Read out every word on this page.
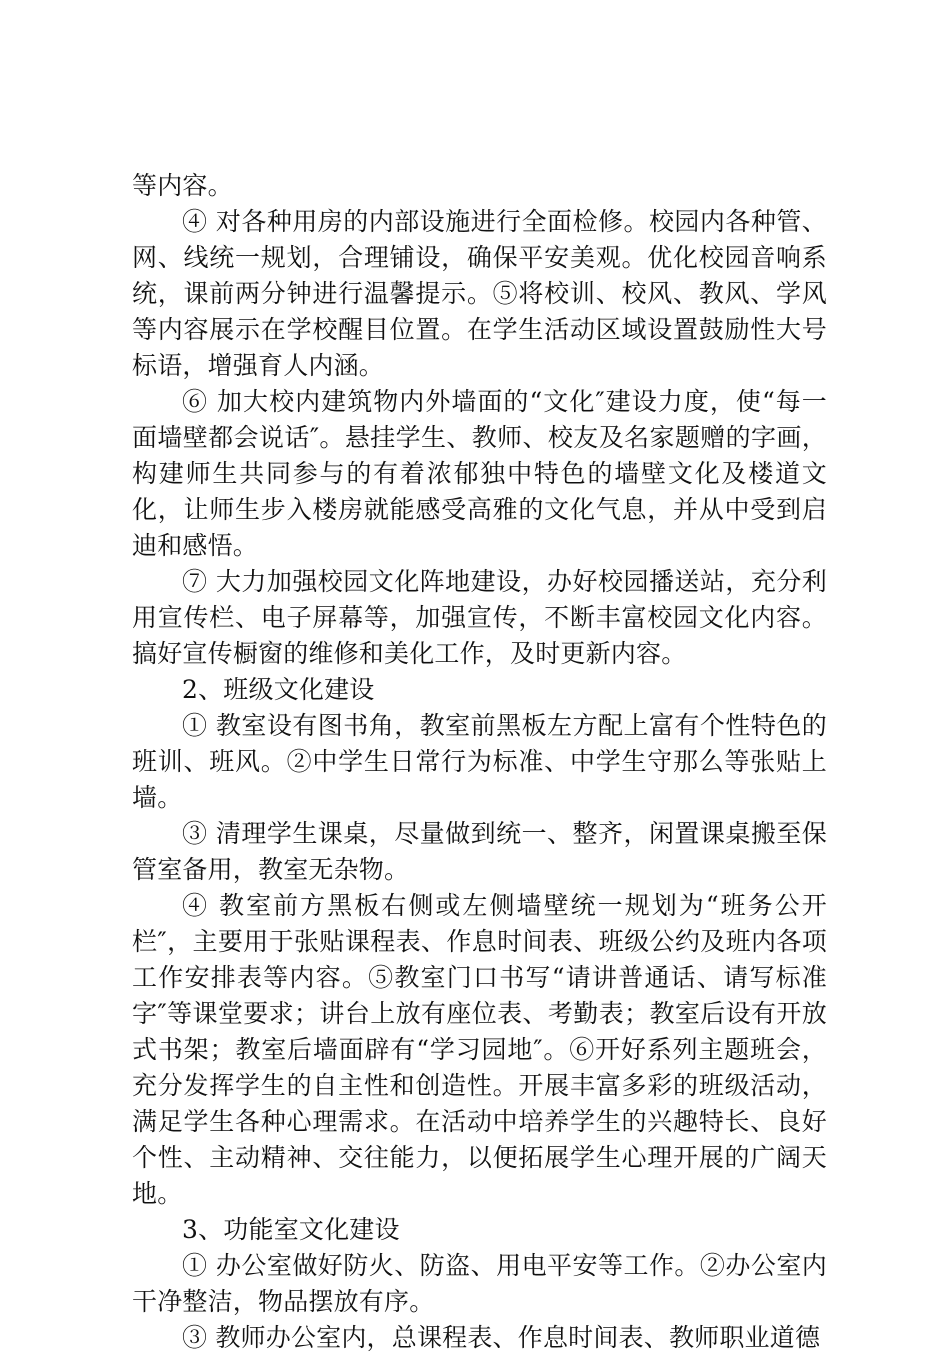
等内容。

④ 对各种用房的内部设施进行全面检修。校园内各种管、网、线统一规划，合理铺设，确保平安美观。优化校园音响系统，课前两分钟进行温馨提示。⑤将校训、校风、教风、学风等内容展示在学校醒目位置。在学生活动区域设置鼓励性大号标语，增强育人内涵。

⑥ 加大校内建筑物内外墙面的“文化″建设力度，使“每一面墙壁都会说话″。悬挂学生、教师、校友及名家题赠的字画，构建师生共同参与的有着浓郁独中特色的墙壁文化及楼道文化，让师生步入楼房就能感受高雅的文化气息，并从中受到启迪和感悟。

⑦ 大力加强校园文化阵地建设，办好校园播送站，充分利用宣传栏、电子屏幕等，加强宣传，不断丰富校园文化内容。搞好宣传橱窗的维修和美化工作，及时更新内容。

2、班级文化建设

① 教室设有图书角，教室前黑板左方配上富有个性特色的班训、班风。②中学生日常行为标准、中学生守那么等张贴上墙。

③ 清理学生课桌，尽量做到统一、整齐，闲置课桌搬至保管室备用，教室无杂物。

④ 教室前方黑板右侧或左侧墙壁统一规划为“班务公开栏″，主要用于张贴课程表、作息时间表、班级公约及班内各项工作安排表等内容。⑤教室门口书写“请讲普通话、请写标准字″等课堂要求；讲台上放有座位表、考勤表；教室后设有开放式书架；教室后墙面辟有“学习园地″。⑥开好系列主题班会，充分发挥学生的自主性和创造性。开展丰富多彩的班级活动，满足学生各种心理需求。在活动中培养学生的兴趣特长、良好个性、主动精神、交往能力，以便拓展学生心理开展的广阔天地。

3、功能室文化建设

① 办公室做好防火、防盗、用电平安等工作。②办公室内干净整洁，物品摆放有序。

③ 教师办公室内，总课程表、作息时间表、教师职业道德
